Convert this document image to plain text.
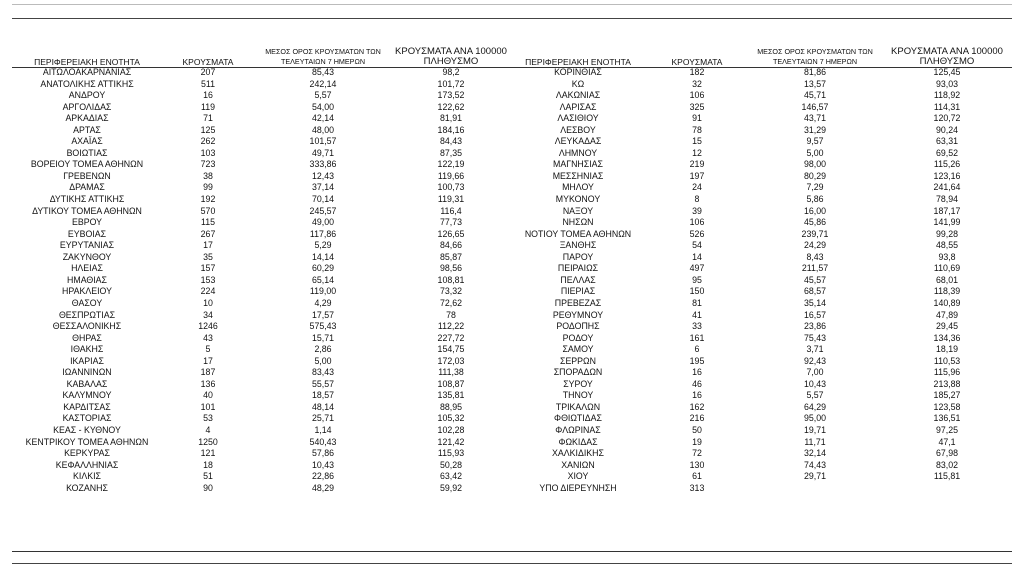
ΠΕΡΙΦΕΡΕΙΑΚΗ ΕΝΟΤΗΤΑ	ΚΡΟΥΣΜΑΤΑ	ΜΕΣΟΣ ΟΡΟΣ ΚΡΟΥΣΜΑΤΩΝ ΤΩΝ ΤΕΛΕΥΤΑΙΩΝ 7 ΗΜΕΡΩΝ	ΚΡΟΥΣΜΑΤΑ ΑΝΑ 100000 ΠΛΗΘΥΣΜΟ	ΠΕΡΙΦΕΡΕΙΑΚΗ ΕΝΟΤΗΤΑ	ΚΡΟΥΣΜΑΤΑ	ΜΕΣΟΣ ΟΡΟΣ ΚΡΟΥΣΜΑΤΩΝ ΤΩΝ ΤΕΛΕΥΤΑΙΩΝ 7 ΗΜΕΡΩΝ	ΚΡΟΥΣΜΑΤΑ ΑΝΑ 100000 ΠΛΗΘΥΣΜΟ
ΑΙΤΩΛΟΑΚΑΡΝΑΝΙΑΣ	207	85,43	98,2	ΚΟΡΙΝΘΙΑΣ	182	81,86	125,45
ΑΝΑΤΟΛΙΚΗΣ ΑΤΤΙΚΗΣ	511	242,14	101,72	ΚΩ	32	13,57	93,03
ΑΝΔΡΟΥ	16	5,57	173,52	ΛΑΚΩΝΙΑΣ	106	45,71	118,92
ΑΡΓΟΛΙΔΑΣ	119	54,00	122,62	ΛΑΡΙΣΑΣ	325	146,57	114,31
ΑΡΚΑΔΙΑΣ	71	42,14	81,91	ΛΑΣΙΘΙΟΥ	91	43,71	120,72
ΑΡΤΑΣ	125	48,00	184,16	ΛΕΣΒΟΥ	78	31,29	90,24
ΑΧΑΪΑΣ	262	101,57	84,43	ΛΕΥΚΑΔΑΣ	15	9,57	63,31
ΒΟΙΩΤΙΑΣ	103	49,71	87,35	ΛΗΜΝΟΥ	12	5,00	69,52
ΒΟΡΕΙΟΥ ΤΟΜΕΑ ΑΘΗΝΩΝ	723	333,86	122,19	ΜΑΓΝΗΣΙΑΣ	219	98,00	115,26
ΓΡΕΒΕΝΩΝ	38	12,43	119,66	ΜΕΣΣΗΝΙΑΣ	197	80,29	123,16
ΔΡΑΜΑΣ	99	37,14	100,73	ΜΗΛΟΥ	24	7,29	241,64
ΔΥΤΙΚΗΣ ΑΤΤΙΚΗΣ	192	70,14	119,31	ΜΥΚΟΝΟΥ	8	5,86	78,94
ΔΥΤΙΚΟΥ ΤΟΜΕΑ ΑΘΗΝΩΝ	570	245,57	116,4	ΝΑΞΟΥ	39	16,00	187,17
ΕΒΡΟΥ	115	49,00	77,73	ΝΗΣΩΝ	106	45,86	141,99
ΕΥΒΟΙΑΣ	267	117,86	126,65	ΝΟΤΙΟΥ ΤΟΜΕΑ ΑΘΗΝΩΝ	526	239,71	99,28
ΕΥΡΥΤΑΝΙΑΣ	17	5,29	84,66	ΞΑΝΘΗΣ	54	24,29	48,55
ΖΑΚΥΝΘΟΥ	35	14,14	85,87	ΠΑΡΟΥ	14	8,43	93,8
ΗΛΕΙΑΣ	157	60,29	98,56	ΠΕΙΡΑΙΩΣ	497	211,57	110,69
ΗΜΑΘΙΑΣ	153	65,14	108,81	ΠΕΛΛΑΣ	95	45,57	68,01
ΗΡΑΚΛΕΙΟΥ	224	119,00	73,32	ΠΙΕΡΙΑΣ	150	68,57	118,39
ΘΑΣΟΥ	10	4,29	72,62	ΠΡΕΒΕΖΑΣ	81	35,14	140,89
ΘΕΣΠΡΩΤΙΑΣ	34	17,57	78	ΡΕΘΥΜΝΟΥ	41	16,57	47,89
ΘΕΣΣΑΛΟΝΙΚΗΣ	1246	575,43	112,22	ΡΟΔΟΠΗΣ	33	23,86	29,45
ΘΗΡΑΣ	43	15,71	227,72	ΡΟΔΟΥ	161	75,43	134,36
ΙΘΑΚΗΣ	5	2,86	154,75	ΣΑΜΟΥ	6	3,71	18,19
ΙΚΑΡΙΑΣ	17	5,00	172,03	ΣΕΡΡΩΝ	195	92,43	110,53
ΙΩΑΝΝΙΝΩΝ	187	83,43	111,38	ΣΠΟΡΑΔΩΝ	16	7,00	115,96
ΚΑΒΑΛΑΣ	136	55,57	108,87	ΣΥΡΟΥ	46	10,43	213,88
ΚΑΛΥΜΝΟΥ	40	18,57	135,81	ΤΗΝΟΥ	16	5,57	185,27
ΚΑΡΔΙΤΣΑΣ	101	48,14	88,95	ΤΡΙΚΑΛΩΝ	162	64,29	123,58
ΚΑΣΤΟΡΙΑΣ	53	25,71	105,32	ΦΘΙΩΤΙΔΑΣ	216	95,00	136,51
ΚΕΑΣ - ΚΥΘΝΟΥ	4	1,14	102,28	ΦΛΩΡΙΝΑΣ	50	19,71	97,25
ΚΕΝΤΡΙΚΟΥ ΤΟΜΕΑ ΑΘΗΝΩΝ	1250	540,43	121,42	ΦΩΚΙΔΑΣ	19	11,71	47,1
ΚΕΡΚΥΡΑΣ	121	57,86	115,93	ΧΑΛΚΙΔΙΚΗΣ	72	32,14	67,98
ΚΕΦΑΛΛΗΝΙΑΣ	18	10,43	50,28	ΧΑΝΙΩΝ	130	74,43	83,02
ΚΙΛΚΙΣ	51	22,86	63,42	ΧΙΟΥ	61	29,71	115,81
ΚΟΖΑΝΗΣ	90	48,29	59,92	ΥΠΟ ΔΙΕΡΕΥΝΗΣΗ	313		
